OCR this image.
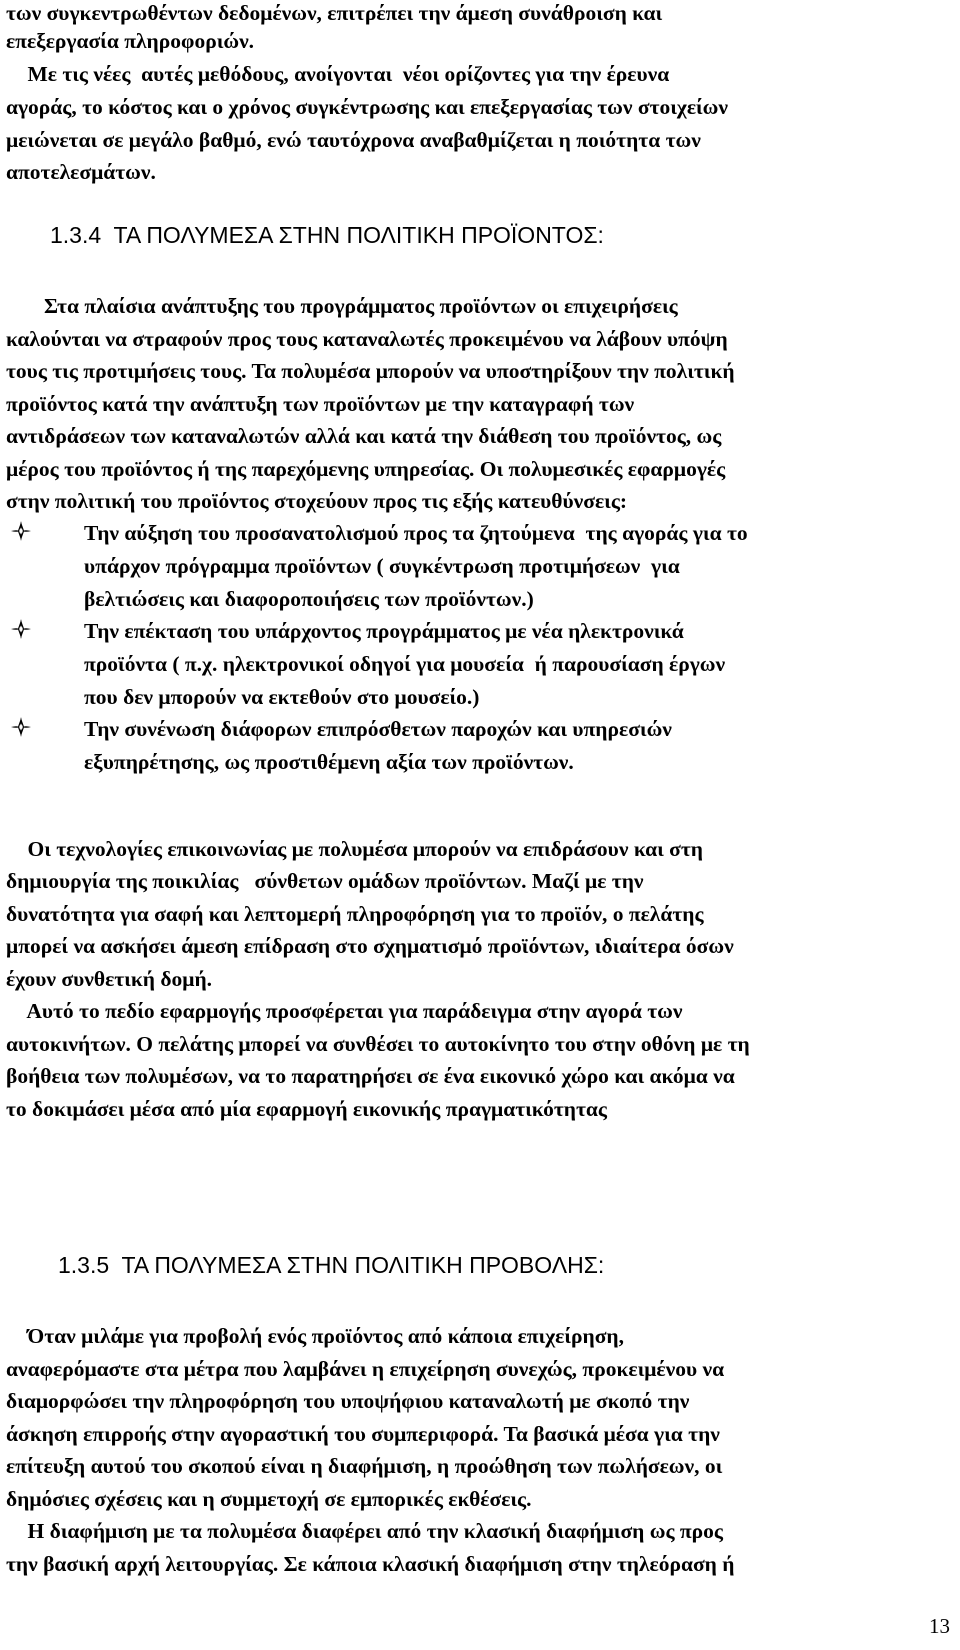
των συγκεντρωθέντων δεδομένων, επιτρέπει την άμεση συνάθροιση και
επεξεργασία πληροφοριών.
Με τις νέες  αυτές μεθόδους, ανοίγονται  νέοι ορίζοντες για την έρευνα
αγοράς, το κόστος και ο χρόνος συγκέντρωσης και επεξεργασίας των στοιχείων
μειώνεται σε μεγάλο βαθμό, ενώ ταυτόχρονα αναβαθμίζεται η ποιότητα των
αποτελεσμάτων.
1.3.4  ΤΑ ΠΟΛΥΜΕΣΑ ΣΤΗΝ ΠΟΛΙΤΙΚΗ ΠΡΟΪΟΝΤΟΣ:
Στα πλαίσια ανάπτυξης του προγράμματος προϊόντων οι επιχειρήσεις
καλούνται να στραφούν προς τους καταναλωτές προκειμένου να λάβουν υπόψη
τους τις προτιμήσεις τους. Τα πολυμέσα μπορούν να υποστηρίξουν την πολιτική
προϊόντος κατά την ανάπτυξη των προϊόντων με την καταγραφή των
αντιδράσεων των καταναλωτών αλλά και κατά την διάθεση του προϊόντος, ως
μέρος του προϊόντος ή της παρεχόμενης υπηρεσίας. Οι πολυμεσικές εφαρμογές
στην πολιτική του προϊόντος στοχεύουν προς τις εξής κατευθύνσεις:
Την αύξηση του προσανατολισμού προς τα ζητούμενα  της αγοράς για το
υπάρχον πρόγραμμα προϊόντων ( συγκέντρωση προτιμήσεων  για
βελτιώσεις και διαφοροποιήσεις των προϊόντων.)
Την επέκταση του υπάρχοντος προγράμματος με νέα ηλεκτρονικά
προϊόντα ( π.χ. ηλεκτρονικοί οδηγοί για μουσεία  ή παρουσίαση έργων
που δεν μπορούν να εκτεθούν στο μουσείο.)
Την συνένωση διάφορων επιπρόσθετων παροχών και υπηρεσιών
εξυπηρέτησης, ως προστιθέμενη αξία των προϊόντων.
Οι τεχνολογίες επικοινωνίας με πολυμέσα μπορούν να επιδράσουν και στη
δημιουργία της ποικιλίας   σύνθετων ομάδων προϊόντων. Μαζί με την
δυνατότητα για σαφή και λεπτομερή πληροφόρηση για το προϊόν, ο πελάτης
μπορεί να ασκήσει άμεση επίδραση στο σχηματισμό προϊόντων, ιδιαίτερα όσων
έχουν συνθετική δομή.
Αυτό το πεδίο εφαρμογής προσφέρεται για παράδειγμα στην αγορά των
αυτοκινήτων. Ο πελάτης μπορεί να συνθέσει το αυτοκίνητο του στην οθόνη με τη
βοήθεια των πολυμέσων, να το παρατηρήσει σε ένα εικονικό χώρο και ακόμα να
το δοκιμάσει μέσα από μία εφαρμογή εικονικής πραγματικότητας
1.3.5  ΤΑ ΠΟΛΥΜΕΣΑ ΣΤΗΝ ΠΟΛΙΤΙΚΗ ΠΡΟΒΟΛΗΣ:
Όταν μιλάμε για προβολή ενός προϊόντος από κάποια επιχείρηση,
αναφερόμαστε στα μέτρα που λαμβάνει η επιχείρηση συνεχώς, προκειμένου να
διαμορφώσει την πληροφόρηση του υποψήφιου καταναλωτή με σκοπό την
άσκηση επιρροής στην αγοραστική του συμπεριφορά. Τα βασικά μέσα για την
επίτευξη αυτού του σκοπού είναι η διαφήμιση, η προώθηση των πωλήσεων, οι
δημόσιες σχέσεις και η συμμετοχή σε εμπορικές εκθέσεις.
Η διαφήμιση με τα πολυμέσα διαφέρει από την κλασική διαφήμιση ως προς
την βασική αρχή λειτουργίας. Σε κάποια κλασική διαφήμιση στην τηλεόραση ή
13
